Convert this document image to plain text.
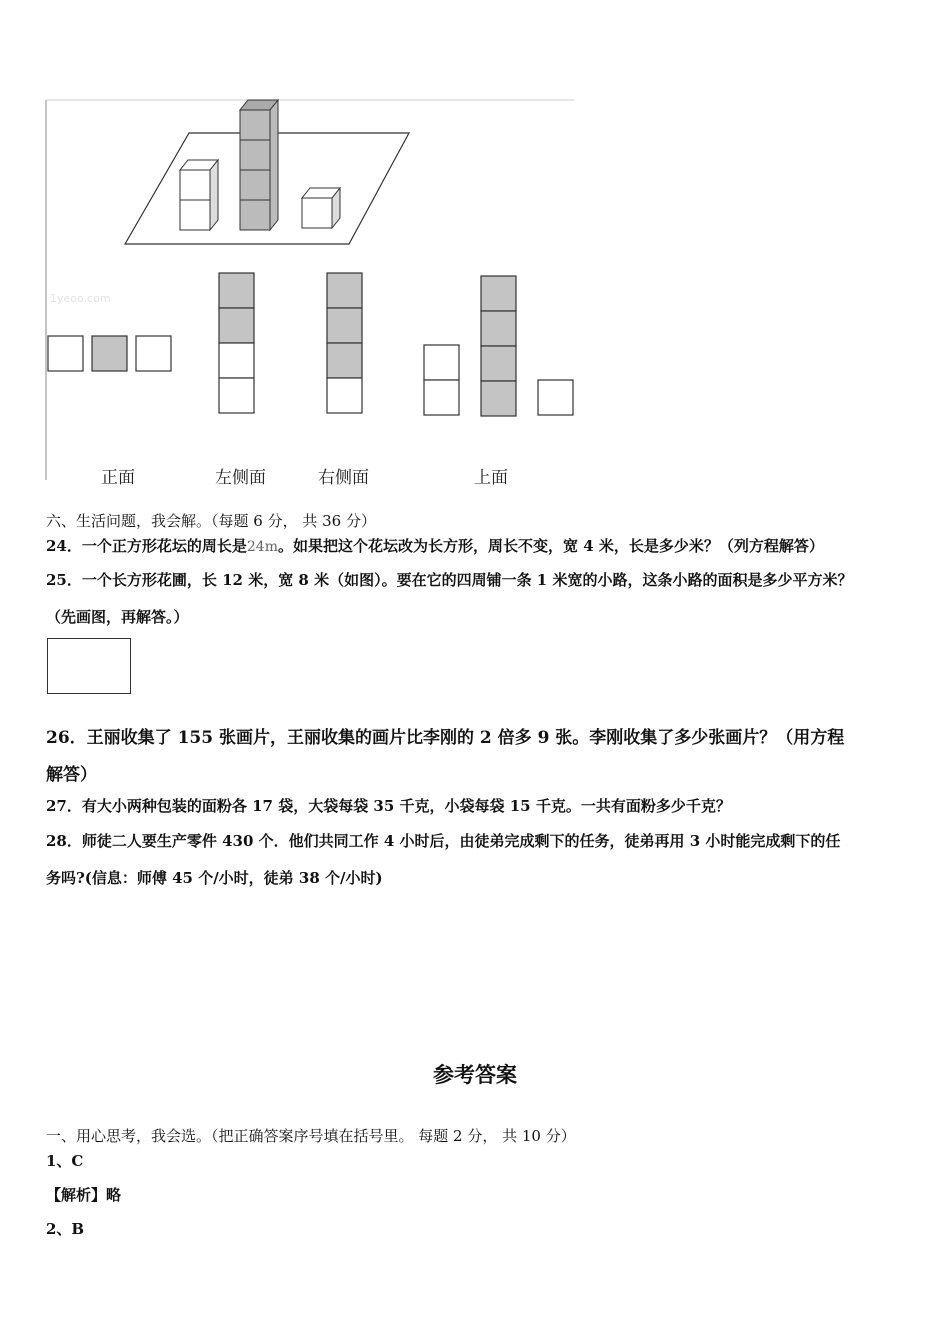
1yeoo.com
正面	左侧面	右侧面	上面
六、生活问题，我会解。（每题 6 分， 共 36 分）
24．一个正方形花坛的周长是24m。如果把这个花坛改为长方形，周长不变，宽 4 米，长是多少米？（列方程解答）
25．一个长方形花圃，长 12 米，宽 8 米（如图）。要在它的四周铺一条 1 米宽的小路，这条小路的面积是多少平方米？
（先画图，再解答。）
26．王丽收集了 155 张画片，王丽收集的画片比李刚的 2 倍多 9 张。李刚收集了多少张画片？（用方程
解答）
27．有大小两种包装的面粉各 17 袋，大袋每袋 35 千克，小袋每袋 15 千克。一共有面粉多少千克？
28．师徒二人要生产零件 430 个．他们共同工作 4 小时后，由徒弟完成剩下的任务，徒弟再用 3 小时能完成剩下的任
务吗?(信息：师傅 45 个/小时，徒弟 38 个/小时)
参考答案
一、用心思考，我会选。（把正确答案序号填在括号里。 每题 2 分， 共 10 分）
1、C
【解析】略
2、B
